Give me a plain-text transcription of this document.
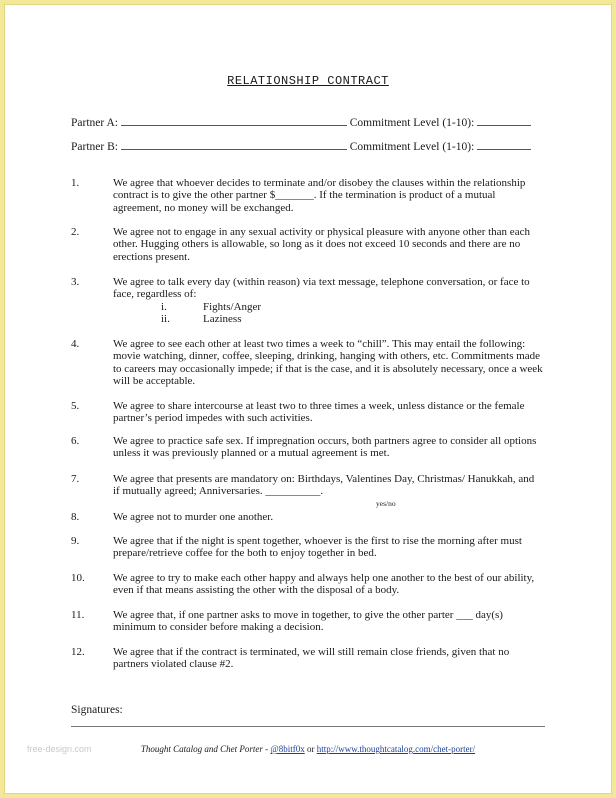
RELATIONSHIP CONTRACT
Partner A:	Commitment Level (1-10):
Partner B:	Commitment Level (1-10):
1.	We agree that whoever decides to terminate and/or disobey the clauses within the relationship contract is to give the other partner $_______. If the termination is product of a mutual agreement, no money will be exchanged.
2.	We agree not to engage in any sexual activity or physical pleasure with anyone other than each other. Hugging others is allowable, so long as it does not exceed 10 seconds and there are no erections present.
3.	We agree to talk every day (within reason) via text message, telephone conversation, or face to face, regardless of:
i.	Fights/Anger
ii.	Laziness
4.	We agree to see each other at least two times a week to “chill”. This may entail the following: movie watching, dinner, coffee, sleeping, drinking, hanging with others, etc. Commitments made to careers may occasionally impede; if that is the case, and it is absolutely necessary, once a week will be acceptable.
5.	We agree to share intercourse at least two to three times a week, unless distance or the female partner’s period impedes with such activities.
6.	We agree to practice safe sex. If impregnation occurs, both partners agree to consider all options unless it was previously planned or a mutual agreement is met.
7.	We agree that presents are mandatory on: Birthdays, Valentines Day, Christmas/ Hanukkah, and if mutually agreed; Anniversaries. __________.
yes/no
8.	We agree not to murder one another.
9.	We agree that if the night is spent together, whoever is the first to rise the morning after must prepare/retrieve coffee for the both to enjoy together in bed.
10.	We agree to try to make each other happy and always help one another to the best of our ability, even if that means assisting the other with the disposal of a body.
11.	We agree that, if one partner asks to move in together, to give the other parter ___ day(s) minimum to consider before making a decision.
12.	We agree that if the contract is terminated, we will still remain close friends, given that no partners violated clause #2.
Signatures:
free-design.com	Thought Catalog and Chet Porter - @8bitf0x or http://www.thoughtcatalog.com/chet-porter/
